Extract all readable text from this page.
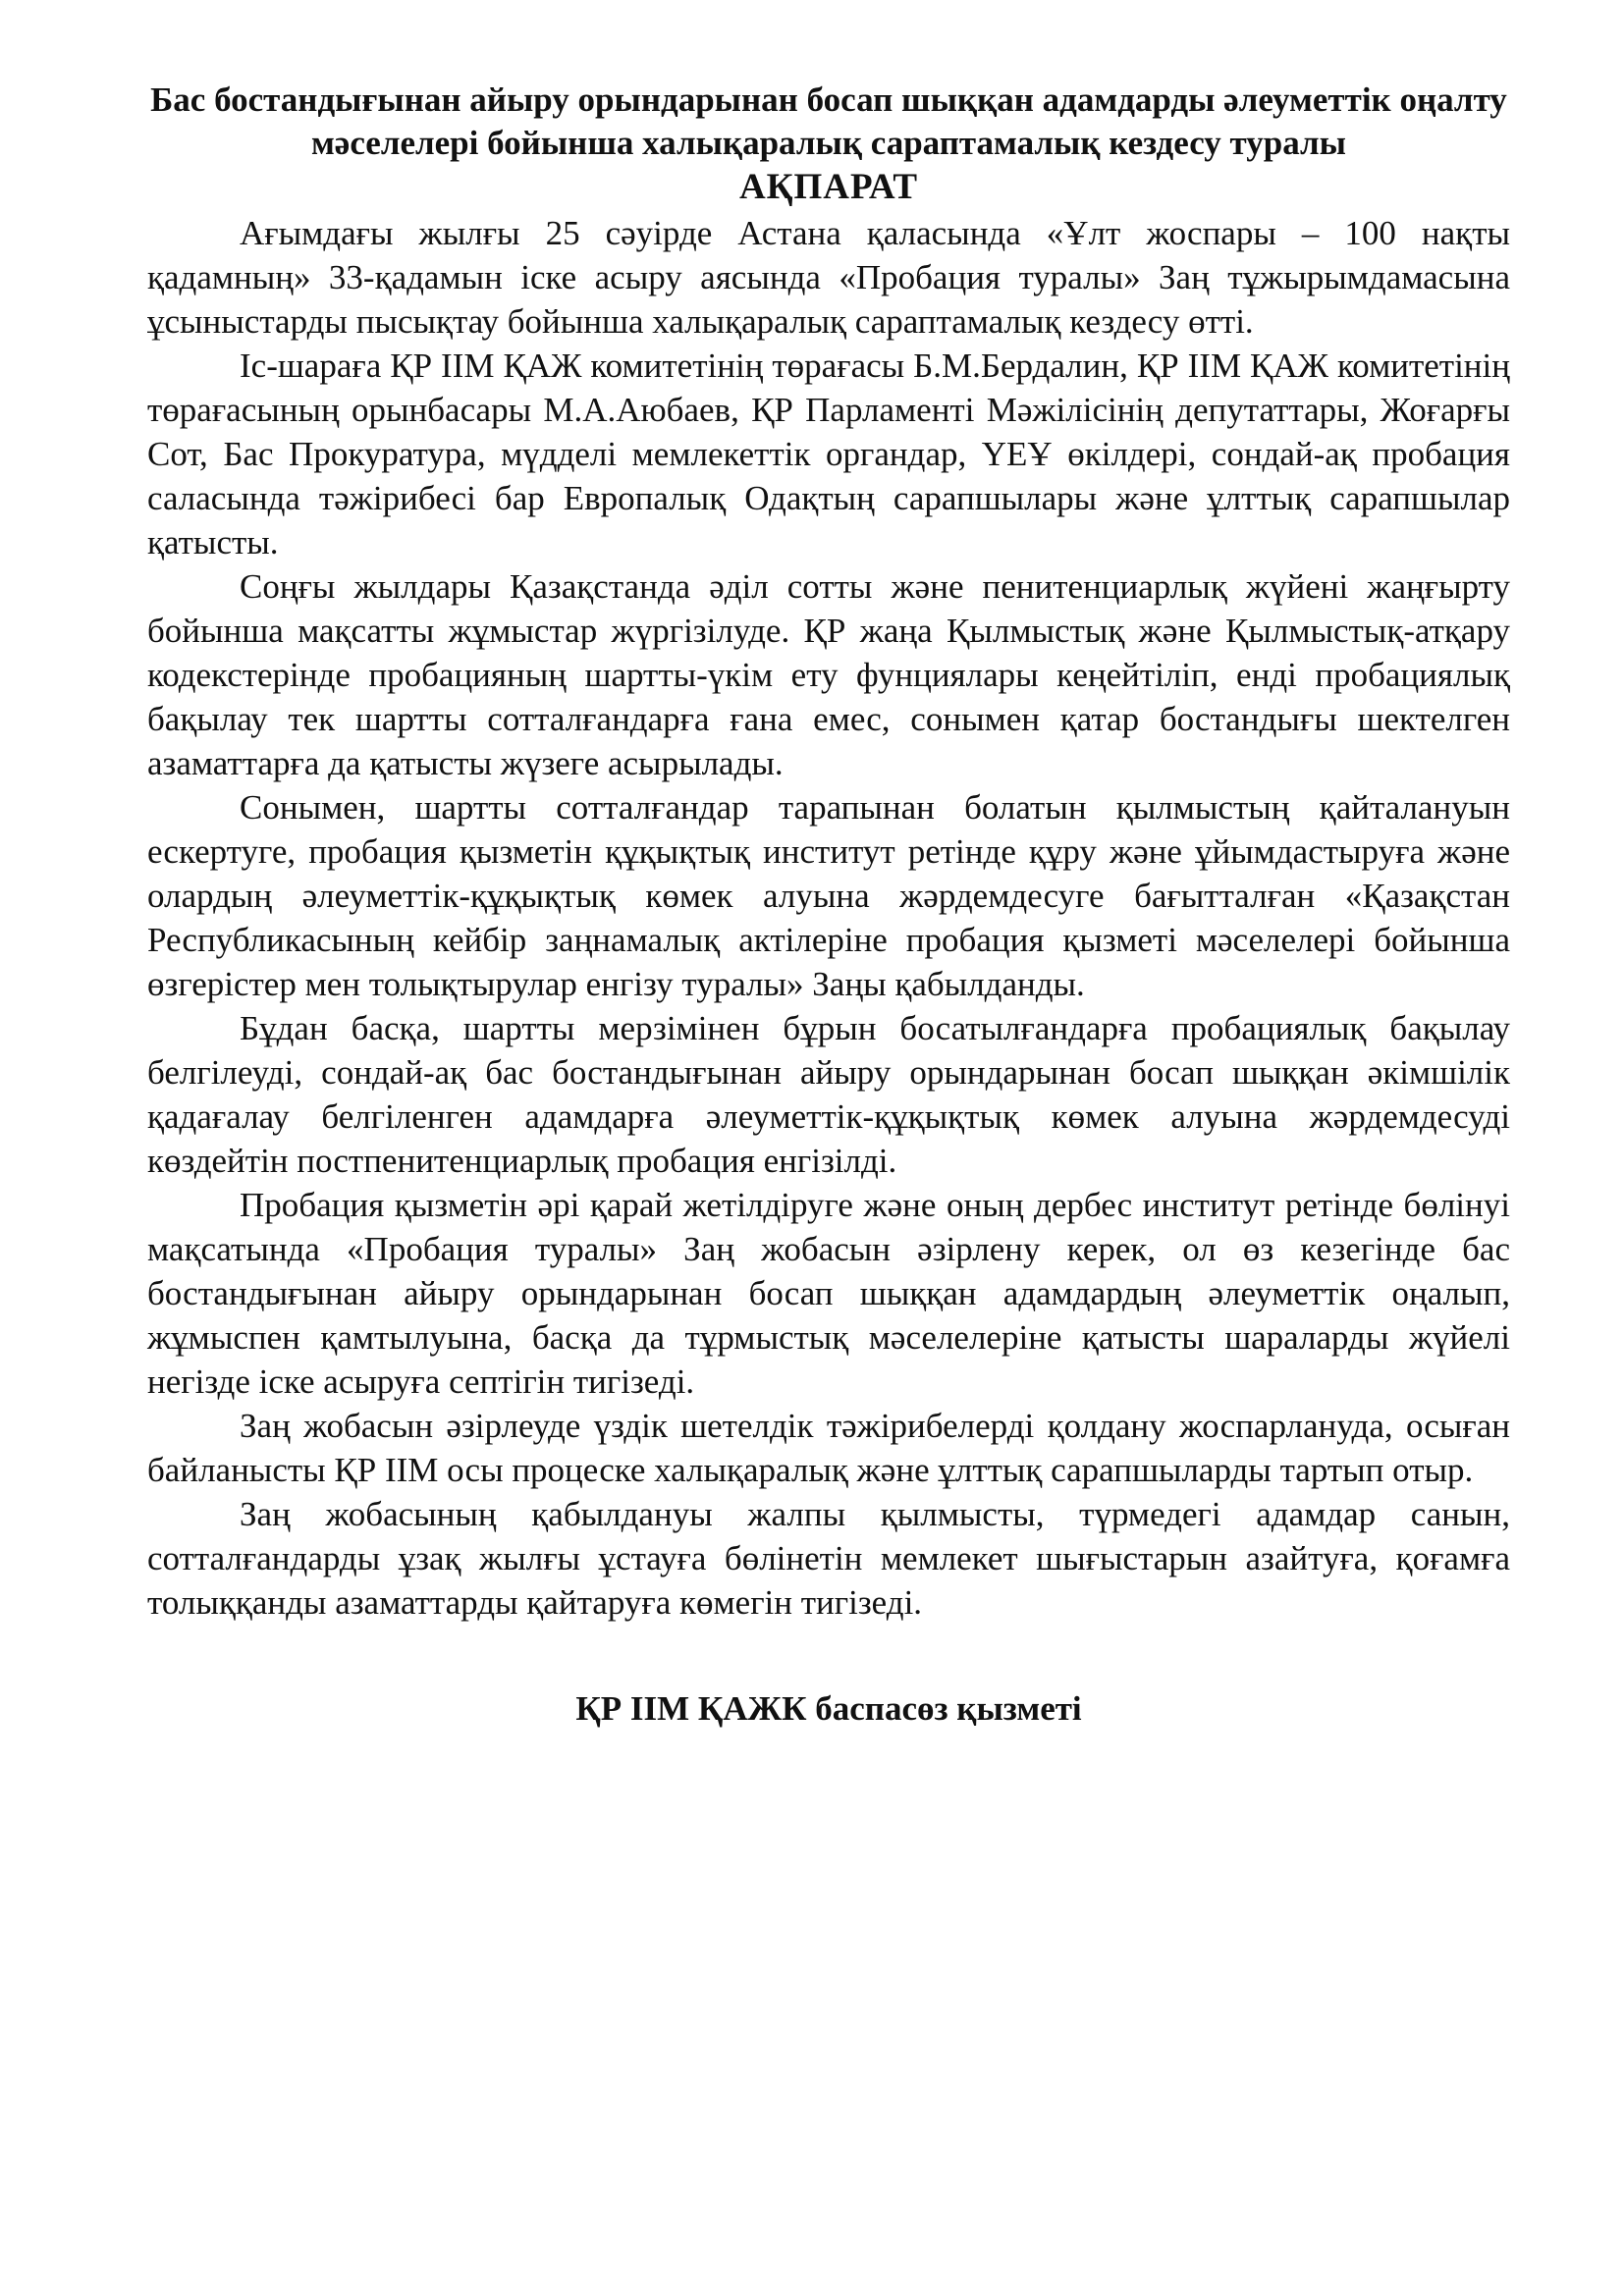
Бас бостандығынан айыру орындарынан босап шыққан адамдарды әлеуметтік оңалту мәселелері бойынша халықаралық сараптамалық кездесу туралы
АҚПАРАТ

Ағымдағы жылғы 25 сәуірде Астана қаласында «Ұлт жоспары – 100 нақты қадамның» 33-қадамын іске асыру аясында «Пробация туралы» Заң тұжырымдамасына ұсыныстарды пысықтау бойынша халықаралық сараптамалық кездесу өтті.

Іс-шараға ҚР ІІМ ҚАЖ комитетінің төрағасы Б.М.Бердалин, ҚР ІІМ ҚАЖ комитетінің төрағасының орынбасары М.А.Аюбаев, ҚР Парламенті Мәжілісінің депутаттары, Жоғарғы Сот, Бас Прокуратура, мүдделі мемлекеттік органдар, ҮЕҰ өкілдері, сондай-ақ пробация саласында тәжірибесі бар Европалық Одақтың сарапшылары және ұлттық сарапшылар қатысты.

Соңғы жылдары Қазақстанда әділ сотты және пенитенциарлық жүйені жаңғырту бойынша мақсатты жұмыстар жүргізілуде. ҚР жаңа Қылмыстық және Қылмыстық-атқару кодекстерінде пробацияның шартты-үкім ету фунциялары кеңейтіліп, енді пробациялық бақылау тек шартты сотталғандарға ғана емес, сонымен қатар бостандығы шектелген азаматтарға да қатысты жүзеге асырылады.

Сонымен, шартты сотталғандар тарапынан болатын қылмыстың қайталануын ескертуге, пробация қызметін құқықтық институт ретінде құру және ұйымдастыруға және олардың әлеуметтік-құқықтық көмек алуына жәрдемдесуге бағытталған «Қазақстан Республикасының кейбір заңнамалық актілеріне пробация қызметі мәселелері бойынша өзгерістер мен толықтырулар енгізу туралы» Заңы қабылданды.

Бұдан басқа, шартты мерзімінен бұрын босатылғандарға пробациялық бақылау белгілеуді, сондай-ақ бас бостандығынан айыру орындарынан босап шыққан әкімшілік қадағалау белгіленген адамдарға әлеуметтік-құқықтық көмек алуына жәрдемдесуді көздейтін постпенитенциарлық пробация енгізілді.

Пробация қызметін әрі қарай жетілдіруге және оның дербес институт ретінде бөлінуі мақсатында «Пробация туралы» Заң жобасын әзірлену керек, ол өз кезегінде бас бостандығынан айыру орындарынан босап шыққан адамдардың әлеуметтік оңалып, жұмыспен қамтылуына, басқа да тұрмыстық мәселелеріне қатысты шараларды жүйелі негізде іске асыруға септігін тигізеді.

Заң жобасын әзірлеуде үздік шетелдік тәжірибелерді қолдану жоспарлануда, осыған байланысты ҚР ІІМ осы процеске халықаралық және ұлттық сарапшыларды тартып отыр.

Заң жобасының қабылдануы жалпы қылмысты, түрмедегі адамдар санын, сотталғандарды ұзақ жылғы ұстауға бөлінетін мемлекет шығыстарын азайтуға, қоғамға толыққанды азаматтарды қайтаруға көмегін тигізеді.

ҚР ІІМ ҚАЖК баспасөз қызметі
